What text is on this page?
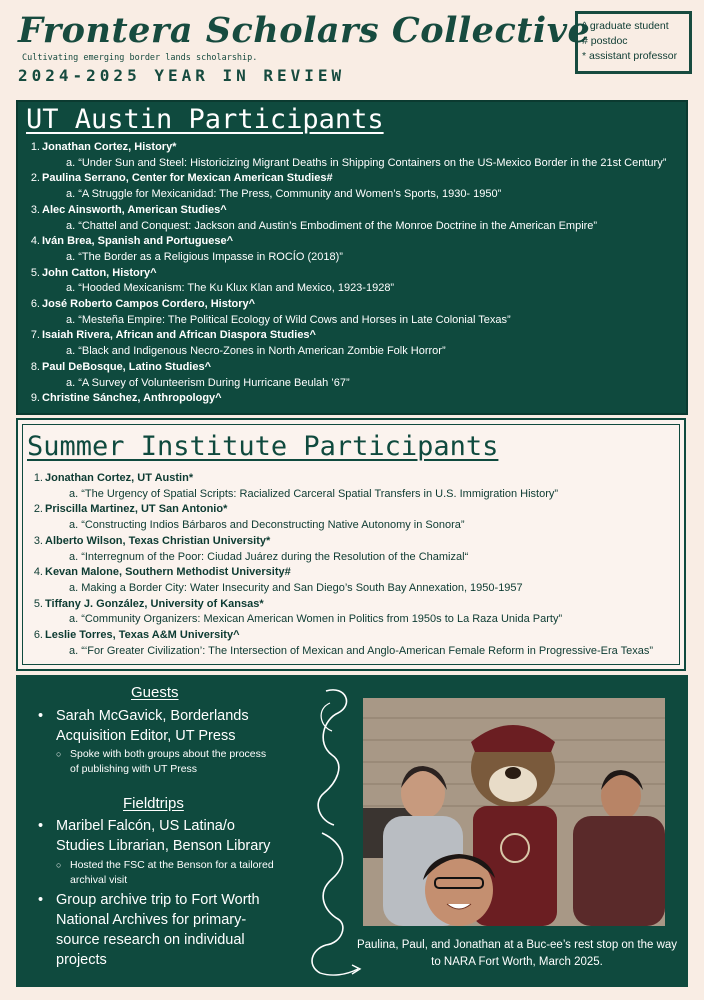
Frontera Scholars Collective
Cultivating emerging border lands scholarship.
2024-2025 YEAR IN REVIEW
^ graduate student
# postdoc
* assistant professor
UT Austin Participants
1. Jonathan Cortez, History*
a. “Under Sun and Steel: Historicizing Migrant Deaths in Shipping Containers on the US-Mexico Border in the 21st Century”
2. Paulina Serrano, Center for Mexican American Studies#
a. “A Struggle for Mexicanidad: The Press, Community and Women’s Sports, 1930- 1950”
3. Alec Ainsworth, American Studies^
a. “Chattel and Conquest: Jackson and Austin’s Embodiment of the Monroe Doctrine in the American Empire”
4. Iván Brea, Spanish and Portuguese^
a. “The Border as a Religious Impasse in ROCÍO (2018)”
5. John Catton, History^
a. “Hooded Mexicanism: The Ku Klux Klan and Mexico, 1923-1928”
6. José Roberto Campos Cordero, History^
a. “Mesteña Empire: The Political Ecology of Wild Cows and Horses in Late Colonial Texas”
7. Isaiah Rivera, African and African Diaspora Studies^
a. “Black and Indigenous Necro-Zones in North American Zombie Folk Horror”
8. Paul DeBosque, Latino Studies^
a. “A Survey of Volunteerism During Hurricane Beulah ’67”
9. Christine Sánchez, Anthropology^
Summer Institute Participants
1. Jonathan Cortez, UT Austin*
a. “The Urgency of Spatial Scripts: Racialized Carceral Spatial Transfers in U.S. Immigration History”
2. Priscilla Martinez, UT San Antonio*
a. “Constructing Indios Bárbaros and Deconstructing Native Autonomy in Sonora”
3. Alberto Wilson, Texas Christian University*
a. “Interregnum of the Poor: Ciudad Juárez during the Resolution of the Chamizal“
4. Kevan Malone, Southern Methodist University#
a. Making a Border City: Water Insecurity and San Diego’s South Bay Annexation, 1950-1957
5. Tiffany J. González, University of Kansas*
a. “Community Organizers: Mexican American Women in Politics from 1950s to La Raza Unida Party”
6. Leslie Torres, Texas A&M University^
a. “‘For Greater Civilization’: The Intersection of Mexican and Anglo-American Female Reform in Progressive-Era Texas”
Guests
• Sarah McGavick, Borderlands Acquisition Editor, UT Press
○ Spoke with both groups about the process of publishing with UT Press
Fieldtrips
• Maribel Falcón, US Latina/o Studies Librarian, Benson Library
○ Hosted the FSC at the Benson for a tailored archival visit
• Group archive trip to Fort Worth National Archives for primary-source research on individual projects
Paulina, Paul, and Jonathan at a Buc-ee’s rest stop on the way to NARA Fort Worth, March 2025.
